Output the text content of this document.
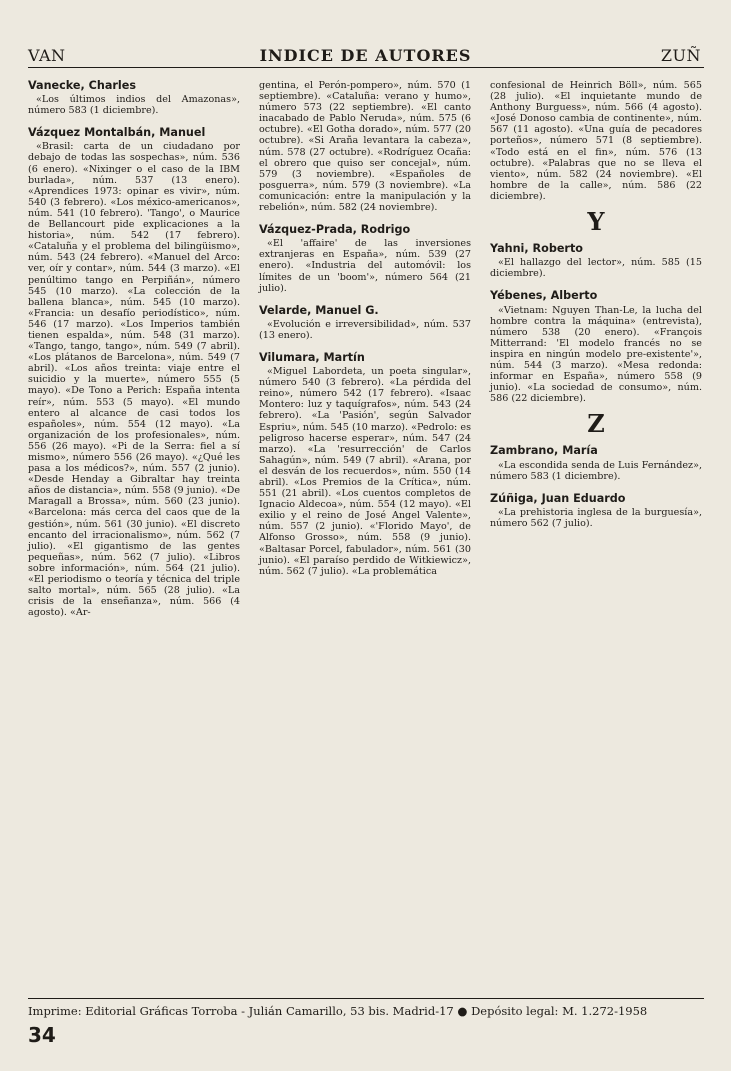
VAN	INDICE DE AUTORES	ZUÑ
Vanecke, Charles

«Los últimos indios del Amazonas», número 583 (1 diciembre).

Vázquez Montalbán, Manuel

«Brasil: carta de un ciudadano por debajo de todas las sospechas», núm. 536 (6 enero). «Nixinger o el caso de la IBM burlada», núm. 537 (13 enero). «Aprendices 1973: opinar es vivir», núm. 540 (3 febrero). «Los méxico-americanos», núm. 541 (10 febrero). 'Tango', o Maurice de Bellancourt pide explicaciones a la historia», núm. 542 (17 febrero). «Cataluña y el problema del bilingüismo», núm. 543 (24 febrero). «Manuel del Arco: ver, oír y contar», núm. 544 (3 marzo). «El penúltimo tango en Perpiñán», número 545 (10 marzo). «La colección de la ballena blanca», núm. 545 (10 marzo). «Francia: un desafío periodístico», núm. 546 (17 marzo). «Los Imperios también tienen espalda», núm. 548 (31 marzo). «Tango, tango, tango», núm. 549 (7 abril). «Los plátanos de Barcelona», núm. 549 (7 abril). «Los años treinta: viaje entre el suicidio y la muerte», número 555 (5 mayo). «De Tono a Perich: España intenta reír», núm. 553 (5 mayo). «El mundo entero al alcance de casi todos los españoles», núm. 554 (12 mayo). «La organización de los profesionales», núm. 556 (26 mayo). «Pi de la Serra: fiel a sí mismo», número 556 (26 mayo). «¿Qué les pasa a los médicos?», núm. 557 (2 junio). «Desde Henday a Gibraltar hay treinta años de distancia», núm. 558 (9 junio). «De Maragall a Brossa», núm. 560 (23 junio). «Barcelona: más cerca del caos que de la gestión», núm. 561 (30 junio). «El discreto encanto del irracionalismo», núm. 562 (7 julio). «El gigantismo de las gentes pequeñas», núm. 562 (7 julio). «Libros sobre información», núm. 564 (21 julio). «El periodismo o teoría y técnica del triple salto mortal», núm. 565 (28 julio). «La crisis de la enseñanza», núm. 566 (4 agosto). «Ar-

gentina, el Perón-pompero», núm. 570 (1 septiembre). «Cataluña: verano y humo», número 573 (22 septiembre). «El canto inacabado de Pablo Neruda», núm. 575 (6 octubre). «El Gotha dorado», núm. 577 (20 octubre). «Si Araña levantara la cabeza», núm. 578 (27 octubre). «Rodríguez Ocaña: el obrero que quiso ser concejal», núm. 579 (3 noviembre). «Españoles de posguerra», núm. 579 (3 noviembre). «La comunicación: entre la manipulación y la rebelión», núm. 582 (24 noviembre).

Vázquez-Prada, Rodrigo

«El 'affaire' de las inversiones extranjeras en España», núm. 539 (27 enero). «Industria del automóvil: los límites de un 'boom'», número 564 (21 julio).

Velarde, Manuel G.

«Evolución e irreversibilidad», núm. 537 (13 enero).

Vilumara, Martín

«Miguel Labordeta, un poeta singular», número 540 (3 febrero). «La pérdida del reino», número 542 (17 febrero). «Isaac Montero: luz y taquígrafos», núm. 543 (24 febrero). «La 'Pasión', según Salvador Espriu», núm. 545 (10 marzo). «Pedrolo: es peligroso hacerse esperar», núm. 547 (24 marzo). «La 'resurrección' de Carlos Sahagún», núm. 549 (7 abril). «Arana, por el desván de los recuerdos», núm. 550 (14 abril). «Los Premios de la Crítica», núm. 551 (21 abril). «Los cuentos completos de Ignacio Aldecoa», núm. 554 (12 mayo). «El exilio y el reino de José Angel Valente», núm. 557 (2 junio). «'Florido Mayo', de Alfonso Grosso», núm. 558 (9 junio). «Baltasar Porcel, fabulador», núm. 561 (30 junio). «El paraíso perdido de Witkiewicz», núm. 562 (7 julio). «La problemática

confesional de Heinrich Böll», núm. 565 (28 julio). «El inquietante mundo de Anthony Burguess», núm. 566 (4 agosto). «José Donoso cambia de continente», núm. 567 (11 agosto). «Una guía de pecadores porteños», número 571 (8 septiembre). «Todo está en el fin», núm. 576 (13 octubre). «Palabras que no se lleva el viento», núm. 582 (24 noviembre). «El hombre de la calle», núm. 586 (22 diciembre).

Y
Yahni, Roberto

«El hallazgo del lector», núm. 585 (15 diciembre).

Yébenes, Alberto

«Vietnam: Nguyen Than-Le, la lucha del hombre contra la máquina» (entrevista), número 538 (20 enero). «François Mitterrand: 'El modelo francés no se inspira en ningún modelo pre-existente'», núm. 544 (3 marzo). «Mesa redonda: informar en España», número 558 (9 junio). «La sociedad de consumo», núm. 586 (22 diciembre).

Z
Zambrano, María

«La escondida senda de Luis Fernández», número 583 (1 diciembre).

Zúñiga, Juan Eduardo

«La prehistoria inglesa de la burguesía», número 562 (7 julio).

Imprime: Editorial Gráficas Torroba - Julián Camarillo, 53 bis. Madrid-17 ● Depósito legal: M. 1.272-1958
34
